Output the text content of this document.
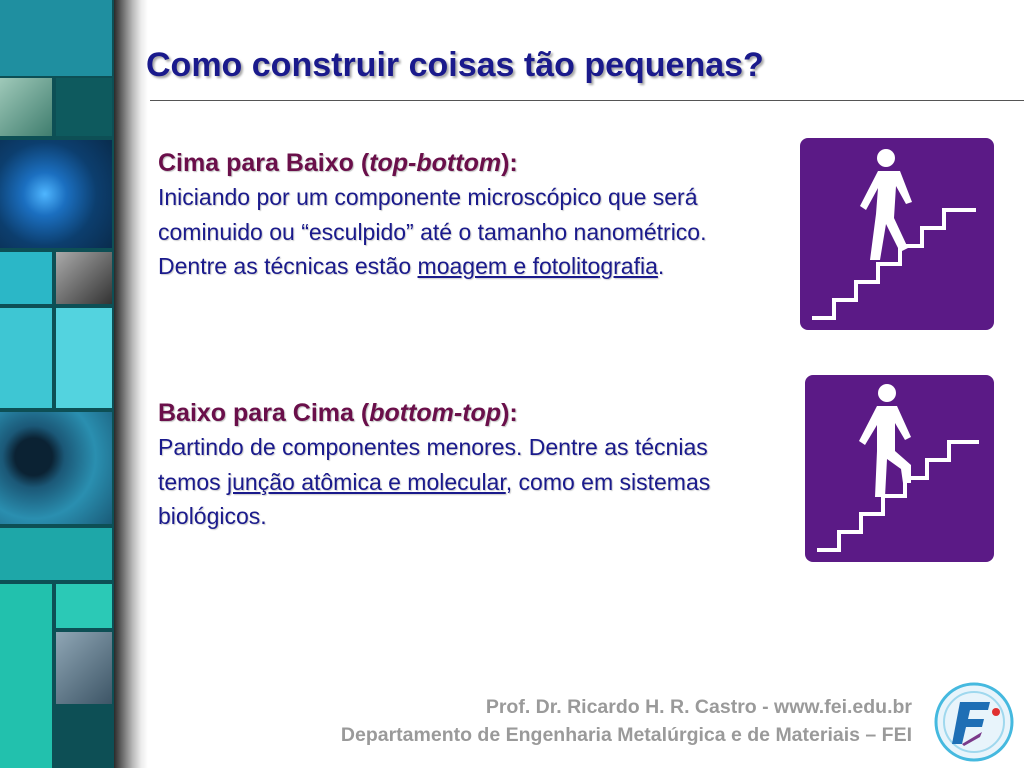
Como construir coisas tão pequenas?
Cima para Baixo (top-bottom):

Iniciando por um componente microscópico que será cominuido ou “esculpido” até o tamanho nanométrico. Dentre as técnicas estão moagem e fotolitografia.

Baixo para Cima (bottom-top):

Partindo de componentes menores. Dentre as técnias temos junção atômica e molecular, como em sistemas biológicos.

Prof. Dr. Ricardo H. R. Castro - www.fei.edu.br
Departamento de Engenharia Metalúrgica e de Materiais – FEI
